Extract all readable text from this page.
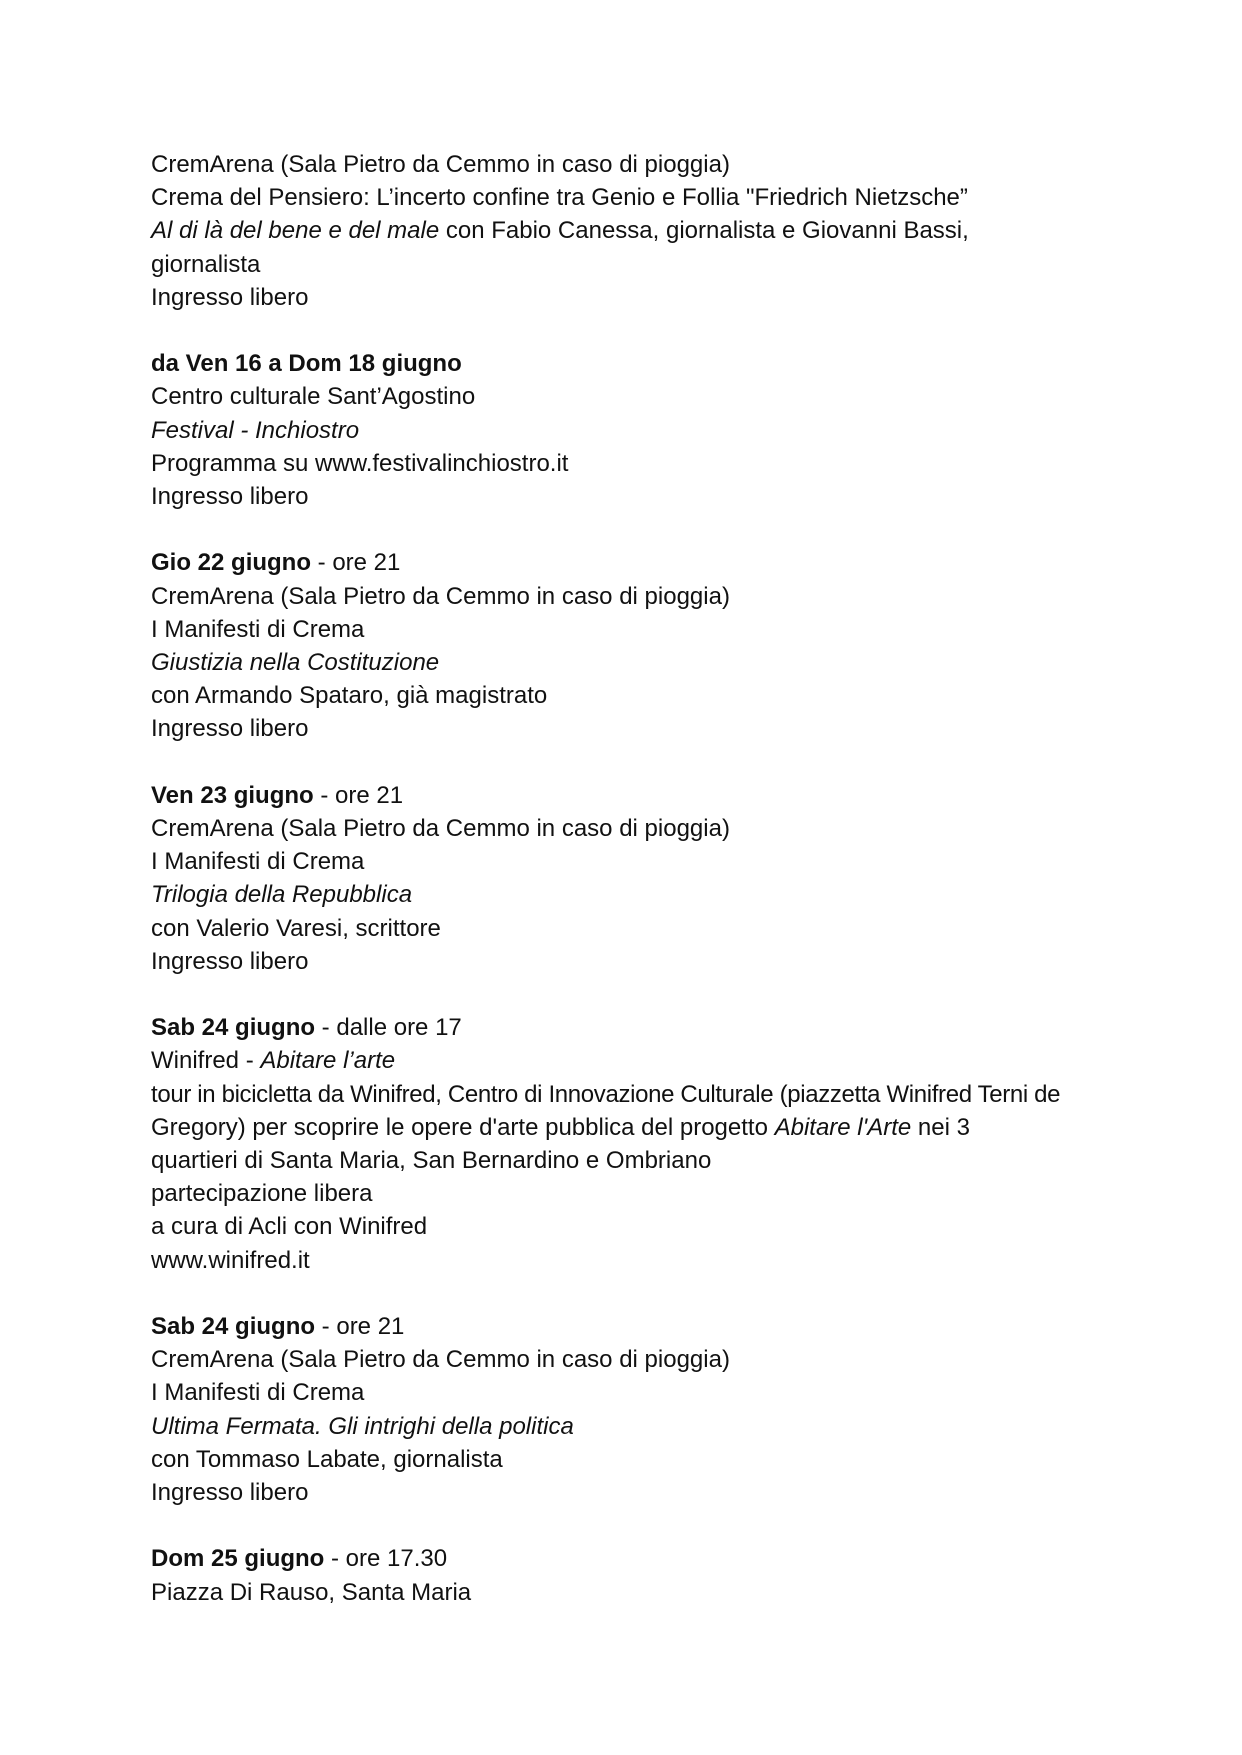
CremArena (Sala Pietro da Cemmo in caso di pioggia)
Crema del Pensiero: L’incerto confine tra Genio e Follia "Friedrich Nietzsche”
Al di là del bene e del male con Fabio Canessa, giornalista e Giovanni Bassi,
giornalista
Ingresso libero
da Ven 16 a Dom 18 giugno
Centro culturale Sant’Agostino
Festival - Inchiostro
Programma su www.festivalinchiostro.it
Ingresso libero
Gio 22 giugno - ore 21
CremArena (Sala Pietro da Cemmo in caso di pioggia)
I Manifesti di Crema
Giustizia nella Costituzione
con Armando Spataro, già magistrato
Ingresso libero
Ven 23 giugno - ore 21
CremArena (Sala Pietro da Cemmo in caso di pioggia)
I Manifesti di Crema
Trilogia della Repubblica
con Valerio Varesi, scrittore
Ingresso libero
Sab 24 giugno - dalle ore 17
Winifred - Abitare l’arte
tour in bicicletta da Winifred, Centro di Innovazione Culturale (piazzetta Winifred Terni de
Gregory) per scoprire le opere d'arte pubblica del progetto Abitare l'Arte nei 3
quartieri di Santa Maria, San Bernardino e Ombriano
partecipazione libera
a cura di Acli con Winifred
www.winifred.it
Sab 24 giugno - ore 21
CremArena (Sala Pietro da Cemmo in caso di pioggia)
I Manifesti di Crema
Ultima Fermata. Gli intrighi della politica
con Tommaso Labate, giornalista
Ingresso libero
Dom 25 giugno - ore 17.30
Piazza Di Rauso, Santa Maria
